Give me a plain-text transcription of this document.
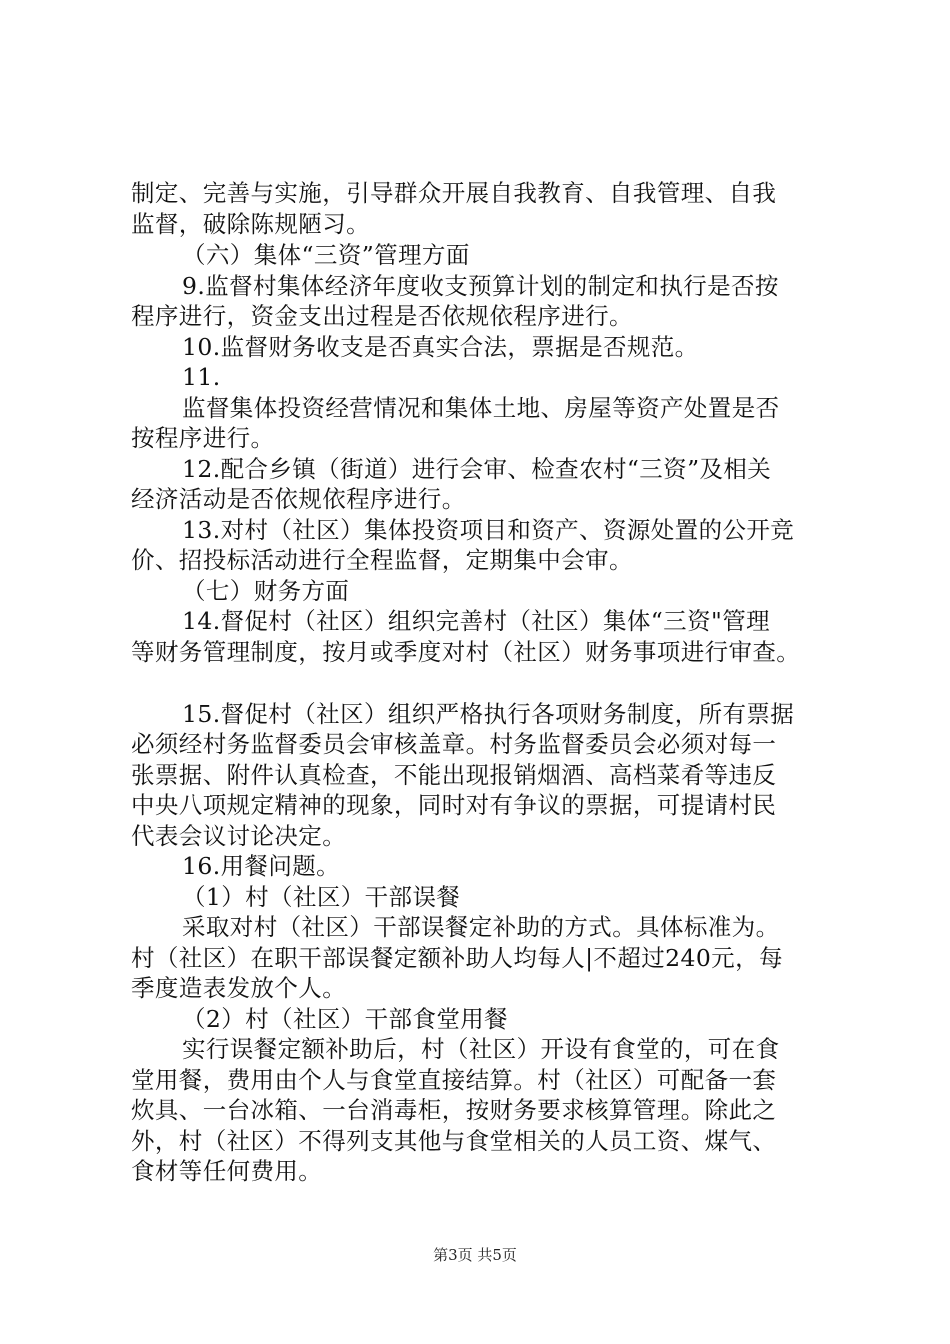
制定、完善与实施，引导群众开展自我教育、自我管理、自我
监督，破除陈规陋习。
（六）集体“三资”管理方面
9.监督村集体经济年度收支预算计划的制定和执行是否按
程序进行，资金支出过程是否依规依程序进行。
10.监督财务收支是否真实合法，票据是否规范。
11.
监督集体投资经营情况和集体土地、房屋等资产处置是否
按程序进行。
12.配合乡镇（街道）进行会审、检查农村“三资”及相关
经济活动是否依规依程序进行。
13.对村（社区）集体投资项目和资产、资源处置的公开竞
价、招投标活动进行全程监督，定期集中会审。
（七）财务方面
14.督促村（社区）组织完善村（社区）集体“三资"管理
等财务管理制度，按月或季度对村（社区）财务事项进行审查。
15.督促村（社区）组织严格执行各项财务制度，所有票据
必须经村务监督委员会审核盖章。村务监督委员会必须对每一
张票据、附件认真检查，不能出现报销烟酒、高档菜肴等违反
中央八项规定精神的现象，同时对有争议的票据，可提请村民
代表会议讨论决定。
16.用餐问题。
（1）村（社区）干部误餐
采取对村（社区）干部误餐定补助的方式。具体标准为。
村（社区）在职干部误餐定额补助人均每人|不超过240元，每
季度造表发放个人。
（2）村（社区）干部食堂用餐
实行误餐定额补助后，村（社区）开设有食堂的，可在食
堂用餐，费用由个人与食堂直接结算。村（社区）可配备一套
炊具、一台冰箱、一台消毒柜，按财务要求核算管理。除此之
外，村（社区）不得列支其他与食堂相关的人员工资、煤气、
食材等任何费用。
第3页 共5页
